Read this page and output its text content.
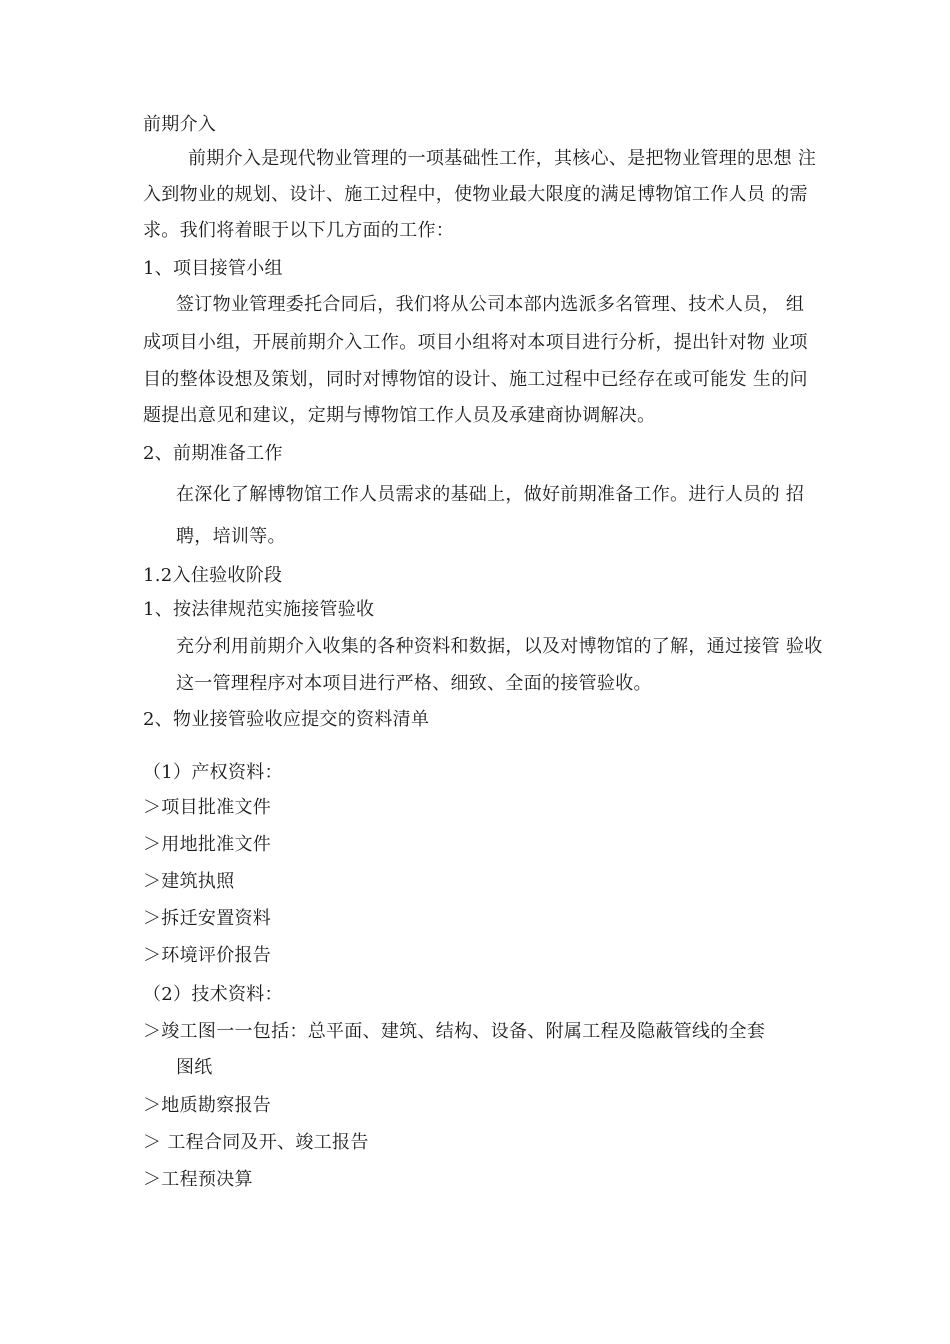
前期介入
前期介入是现代物业管理的一项基础性工作，其核心、是把物业管理的思想 注
入到物业的规划、设计、施工过程中，使物业最大限度的满足博物馆工作人员 的需
求。我们将着眼于以下几方面的工作：
1、项目接管小组
签订物业管理委托合同后，我们将从公司本部内选派多名管理、技术人员， 组
成项目小组，开展前期介入工作。项目小组将对本项目进行分析，提出针对物 业项
目的整体设想及策划，同时对博物馆的设计、施工过程中已经存在或可能发 生的问
题提出意见和建议，定期与博物馆工作人员及承建商协调解决。
2、前期准备工作
在深化了解博物馆工作人员需求的基础上，做好前期准备工作。进行人员的 招
聘，培训等。
1.2入住验收阶段
1、按法律规范实施接管验收
充分利用前期介入收集的各种资料和数据，以及对博物馆的了解，通过接管 验收
这一管理程序对本项目进行严格、细致、全面的接管验收。
2、物业接管验收应提交的资料清单
（1）产权资料：
＞项目批准文件
＞用地批准文件
＞建筑执照
＞拆迁安置资料
＞环境评价报告
（2）技术资料：
＞竣工图一一包括：总平面、建筑、结构、设备、附属工程及隐蔽管线的全套
图纸
＞地质勘察报告
＞ 工程合同及开、竣工报告
＞工程预决算
